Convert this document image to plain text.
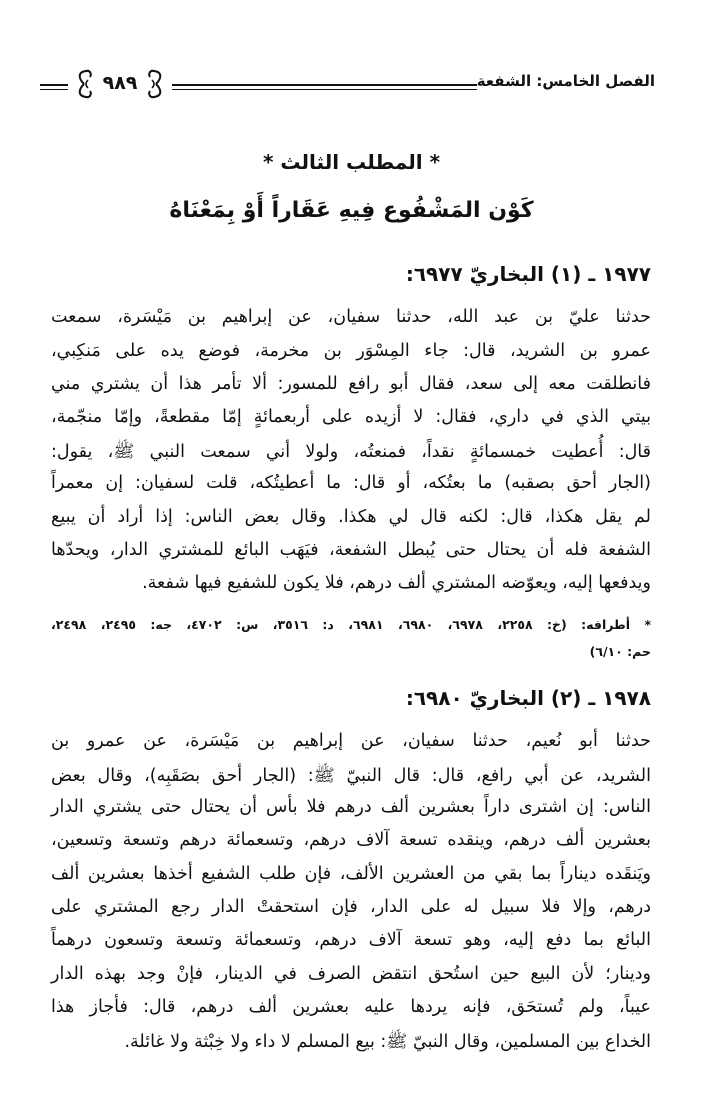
الفصل الخامس: الشفعة
٩٨٩
* المطلب الثالث *
كَوْن المَشْفُوع فِيهِ عَقَاراً أَوْ بِمَعْنَاهُ
١٩٧٧ ـ (١) البخاريّ ٦٩٧٧:
حدثنا عليّ بن عبد الله، حدثنا سفيان، عن إبراهيم بن مَيْسَرة، سمعت
عمرو بن الشريد، قال: جاء المِسْوَر بن مخرمة، فوضع يده على مَنكِبي،
فانطلقت معه إلى سعد، فقال أبو رافع للمسور: ألا تأمر هذا أن يشتري مني
بيتي الذي في داري، فقال: لا أزيده على أربعمائةٍ إمّا مقطعةً، وإمّا منجّمة،
قال: أُعطيت خمسمائةٍ نقداً، فمنعتُه، ولولا أني سمعت النبي ﷺ، يقول:
(الجار أحق بصقبه) ما بعتُكه، أو قال: ما أعطيتُكه، قلت لسفيان: إن معمراً
لم يقل هكذا، قال: لكنه قال لي هكذا. وقال بعض الناس: إذا أراد أن يبيع
الشفعة فله أن يحتال حتى يُبطل الشفعة، فيَهَب البائع للمشتري الدار، ويحدّها
ويدفعها إليه، ويعوّضه المشتري ألف درهم، فلا يكون للشفيع فيها شفعة.
* أطرافه: (خ: ٢٢٥٨، ٦٩٧٨، ٦٩٨٠، ٦٩٨١، د: ٣٥١٦، س: ٤٧٠٢، جه: ٢٤٩٥، ٢٤٩٨،
حم: ٦/١٠)
١٩٧٨ ـ (٢) البخاريّ ٦٩٨٠:
حدثنا أبو نُعيم، حدثنا سفيان، عن إبراهيم بن مَيْسَرة، عن عمرو بن
الشريد، عن أبي رافع، قال: قال النبيّ ﷺ: (الجار أحق بصَقَبِه)، وقال بعض
الناس: إن اشترى داراً بعشرين ألف درهم فلا بأس أن يحتال حتى يشتري الدار
بعشرين ألف درهم، وينقده تسعة آلاف درهم، وتسعمائة درهم وتسعة وتسعين،
ويَنقَده ديناراً بما بقي من العشرين الألف، فإن طلب الشفيع أخذها بعشرين ألف
درهم، وإلا فلا سبيل له على الدار، فإن استحقتْ الدار رجع المشتري على
البائع بما دفع إليه، وهو تسعة آلاف درهم، وتسعمائة وتسعة وتسعون درهماً
ودينار؛ لأن البيع حين استُحق انتقض الصرف في الدينار، فإنْ وجد بهذه الدار
عيباً، ولم تُستحَق، فإنه يردها عليه بعشرين ألف درهم، قال: فأجاز هذا
الخداع بين المسلمين، وقال النبيّ ﷺ: بيع المسلم لا داء ولا خِبْثة ولا غائلة.
